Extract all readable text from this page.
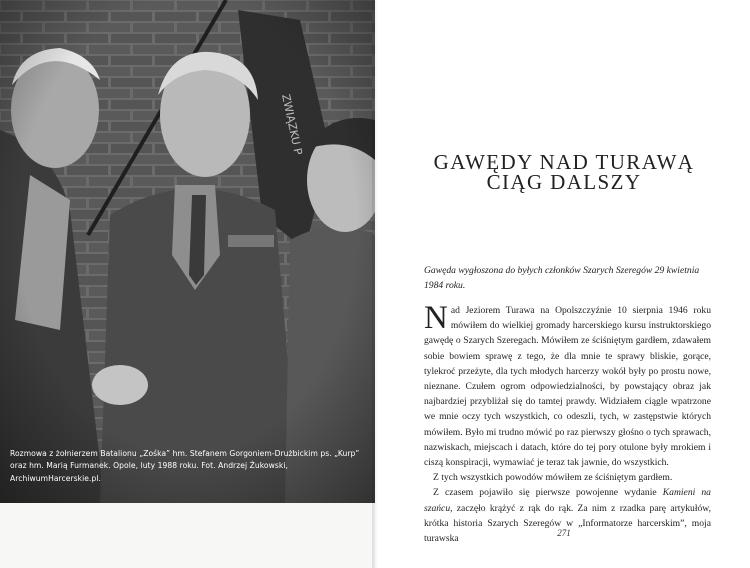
Rozmowa z żołnierzem Batalionu „Zośka” hm. Stefanem Gorgoniem-Drużbickim ps. „Kurp” oraz hm. Marią Furmanek. Opole, luty 1988 roku. Fot. Andrzej Żukowski, ArchiwumHarcerskie.pl.
GAWĘDY NAD TURAWĄ
CIĄG DALSZY

Gawęda wygłoszona do byłych członków Szarych Szeregów 29 kwietnia 1984 roku.

Nad Jeziorem Turawa na Opolszczyźnie 10 sierpnia 1946 roku mówiłem do wielkiej gromady harcerskiego kursu instruktorskiego gawędę o Szarych Szeregach. Mówiłem ze ściśniętym gardłem, zdawałem sobie bowiem sprawę z tego, że dla mnie te sprawy bliskie, gorące, tylekroć przeżyte, dla tych młodych harcerzy wokół były po prostu nowe, nieznane. Czułem ogrom odpowiedzialności, by powstający obraz jak najbardziej przybliżał się do tamtej prawdy. Widziałem ciągle wpatrzone we mnie oczy tych wszystkich, co odeszli, tych, w zastępstwie których mówiłem. Było mi trudno mówić po raz pierwszy głośno o tych sprawach, nazwiskach, miejscach i datach, które do tej pory otulone były mrokiem i ciszą konspiracji, wymawiać je teraz tak jawnie, do wszystkich.

Z tych wszystkich powodów mówiłem ze ściśniętym gardłem.

Z czasem pojawiło się pierwsze powojenne wydanie Kamieni na szańcu, zaczęło krążyć z rąk do rąk. Za nim z rzadka parę artykułów, krótka historia Szarych Szeregów w „Informatorze harcerskim”, moja turawska

271
